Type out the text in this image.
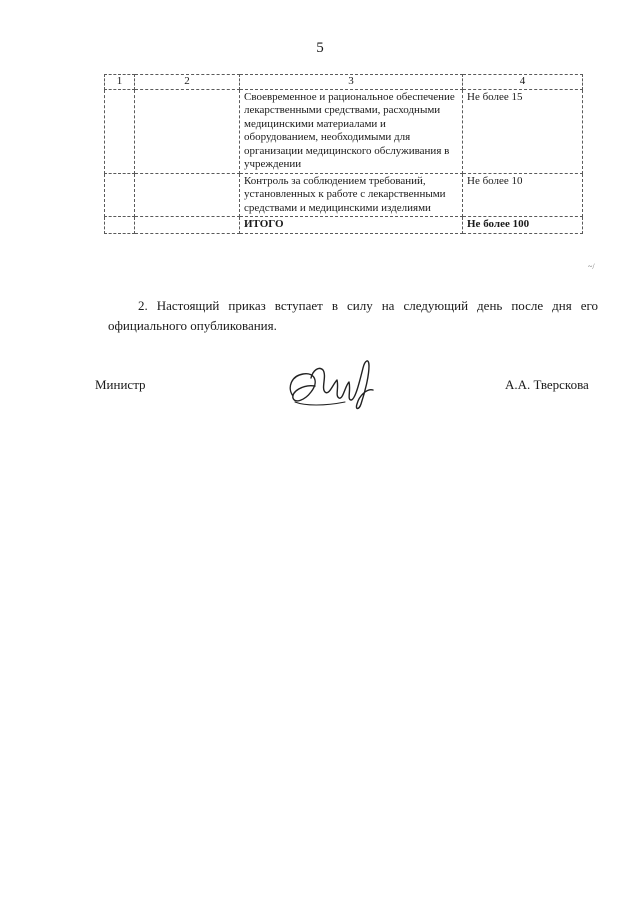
5
1	2	3	4
		Своевременное и рациональное обеспечение лекарственными средствами, расходными медицинскими материалами и оборудованием, необходимыми для организации медицинского обслуживания в учреждении	Не более 15
		Контроль за соблюдением требований, установленных к работе с лекарственными средствами и медицинскими изделиями	Не более 10
		ИТОГО	Не более 100
~/
2. Настоящий приказ вступает в силу на следующий день после дня его
официального опубликования.
Министр	А.А. Тверскова
